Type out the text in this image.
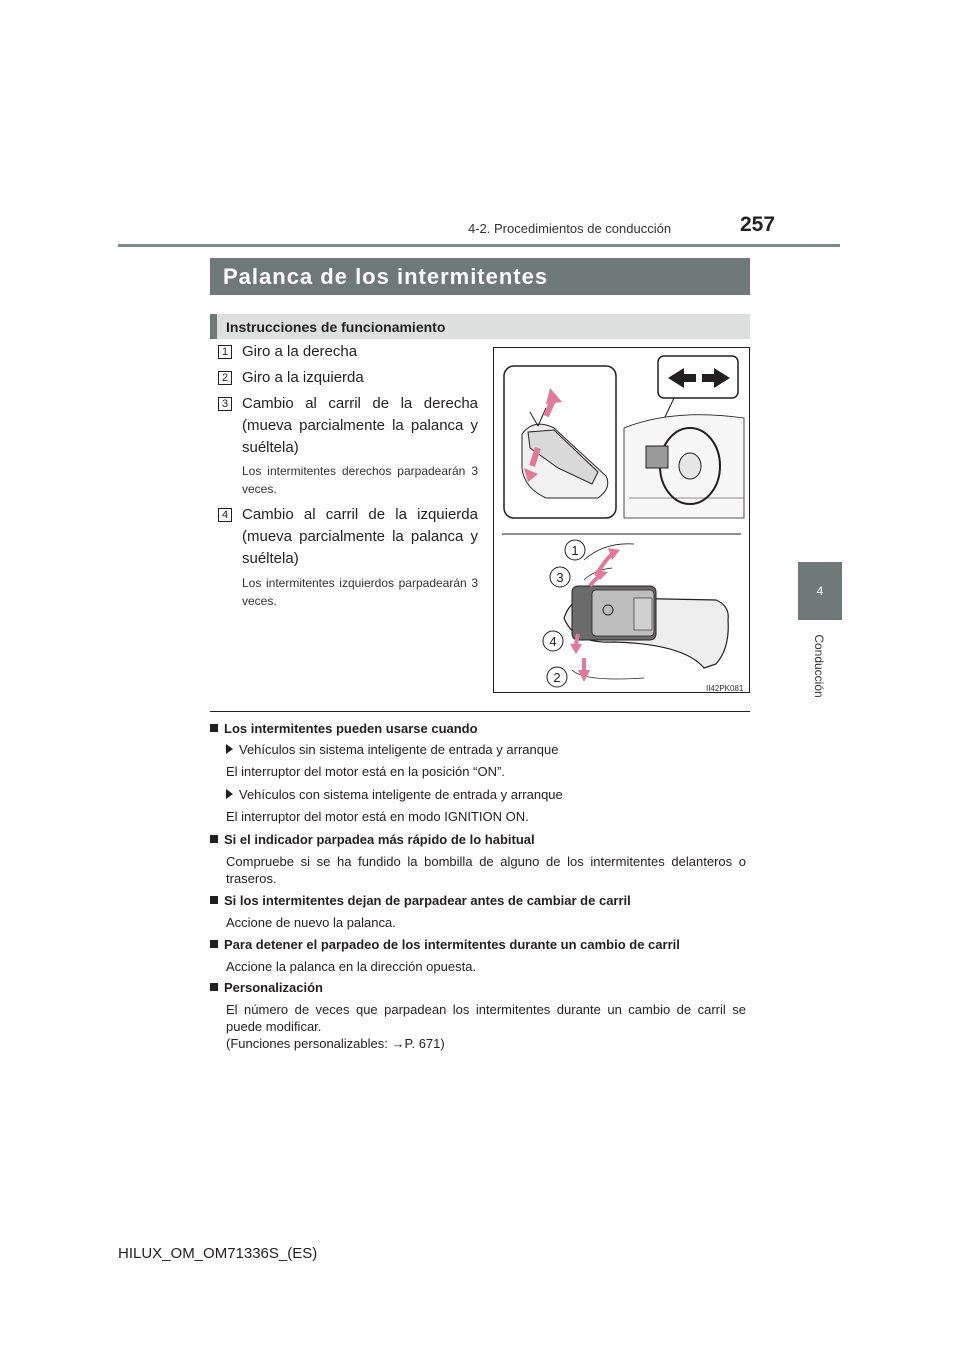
4-2. Procedimientos de conducción	257
4
Conducción
Palanca de los intermitentes
Instrucciones de funcionamiento
1 Giro a la derecha
2 Giro a la izquierda
3 Cambio al carril de la derecha (mueva parcialmente la palanca y suéltela)
Los intermitentes derechos parpadearán 3 veces.
4 Cambio al carril de la izquierda (mueva parcialmente la palanca y suéltela)
Los intermitentes izquierdos parpadearán 3 veces.
1
3
4
2
II42PK081
Los intermitentes pueden usarse cuando
Vehículos sin sistema inteligente de entrada y arranque
El interruptor del motor está en la posición “ON”.
Vehículos con sistema inteligente de entrada y arranque
El interruptor del motor está en modo IGNITION ON.
Si el indicador parpadea más rápido de lo habitual
Compruebe si se ha fundido la bombilla de alguno de los intermitentes delanteros o traseros.
Si los intermitentes dejan de parpadear antes de cambiar de carril
Accione de nuevo la palanca.
Para detener el parpadeo de los intermitentes durante un cambio de carril
Accione la palanca en la dirección opuesta.
Personalización
El número de veces que parpadean los intermitentes durante un cambio de carril se puede modificar.
(Funciones personalizables: →P. 671)
HILUX_OM_OM71336S_(ES)
